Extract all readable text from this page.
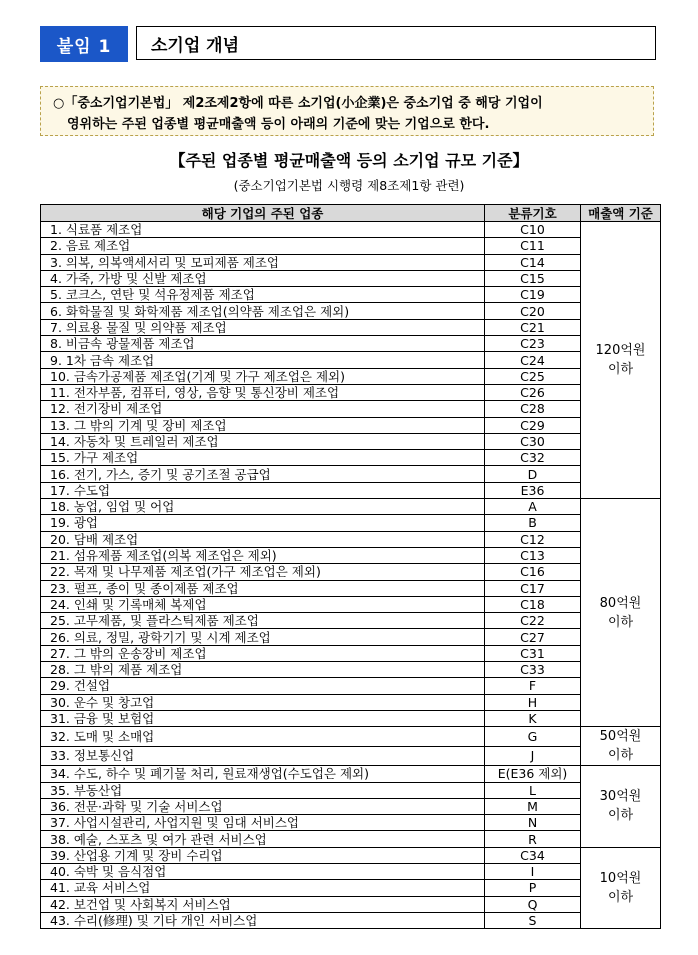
붙임 1	소기업 개념
○「중소기업기본법」 제2조제2항에 따른 소기업(小企業)은 중소기업 중 해당 기업이
영위하는 주된 업종별 평균매출액 등이 아래의 기준에 맞는 기업으로 한다.
【주된 업종별 평균매출액 등의 소기업 규모 기준】
(중소기업기본법 시행령 제8조제1항 관련)
해당 기업의 주된 업종	분류기호	매출액 기준
1. 식료품 제조업	C10	120억원
이하

2. 음료 제조업	C11	
3. 의복, 의복액세서리 및 모피제품 제조업	C14	
4. 가죽, 가방 및 신발 제조업	C15	
5. 코크스, 연탄 및 석유정제품 제조업	C19	
6. 화학물질 및 화학제품 제조업(의약품 제조업은 제외)	C20	
7. 의료용 물질 및 의약품 제조업	C21	
8. 비금속 광물제품 제조업	C23	
9. 1차 금속 제조업	C24	
10. 금속가공제품 제조업(기계 및 가구 제조업은 제외)	C25	
11. 전자부품, 컴퓨터, 영상, 음향 및 통신장비 제조업	C26	
12. 전기장비 제조업	C28	
13. 그 밖의 기계 및 장비 제조업	C29	
14. 자동차 및 트레일러 제조업	C30	
15. 가구 제조업	C32	
16. 전기, 가스, 증기 및 공기조절 공급업	D	
17. 수도업	E36	
18. 농업, 임업 및 어업	A	80억원
이하

19. 광업	B	
20. 담배 제조업	C12	
21. 섬유제품 제조업(의복 제조업은 제외)	C13	
22. 목재 및 나무제품 제조업(가구 제조업은 제외)	C16	
23. 펄프, 종이 및 종이제품 제조업	C17	
24. 인쇄 및 기록매체 복제업	C18	
25. 고무제품, 및 플라스틱제품 제조업	C22	
26. 의료, 정밀, 광학기기 및 시계 제조업	C27	
27. 그 밖의 운송장비 제조업	C31	
28. 그 밖의 제품 제조업	C33	
29. 건설업	F	
30. 운수 및 창고업	H	
31. 금융 및 보험업	K	
32. 도매 및 소매업	G	50억원
이하

33. 정보통신업	J	
34. 수도, 하수 및 폐기물 처리, 원료재생업(수도업은 제외)	E(E36 제외)	30억원
이하

35. 부동산업	L	
36. 전문·과학 및 기술 서비스업	M	
37. 사업시설관리, 사업지원 및 임대 서비스업	N	
38. 예술, 스포츠 및 여가 관련 서비스업	R	
39. 산업용 기계 및 장비 수리업	C34	10억원
이하

40. 숙박 및 음식점업	I	
41. 교육 서비스업	P	
42. 보건업 및 사회복지 서비스업	Q	
43. 수리(修理) 및 기타 개인 서비스업	S	
